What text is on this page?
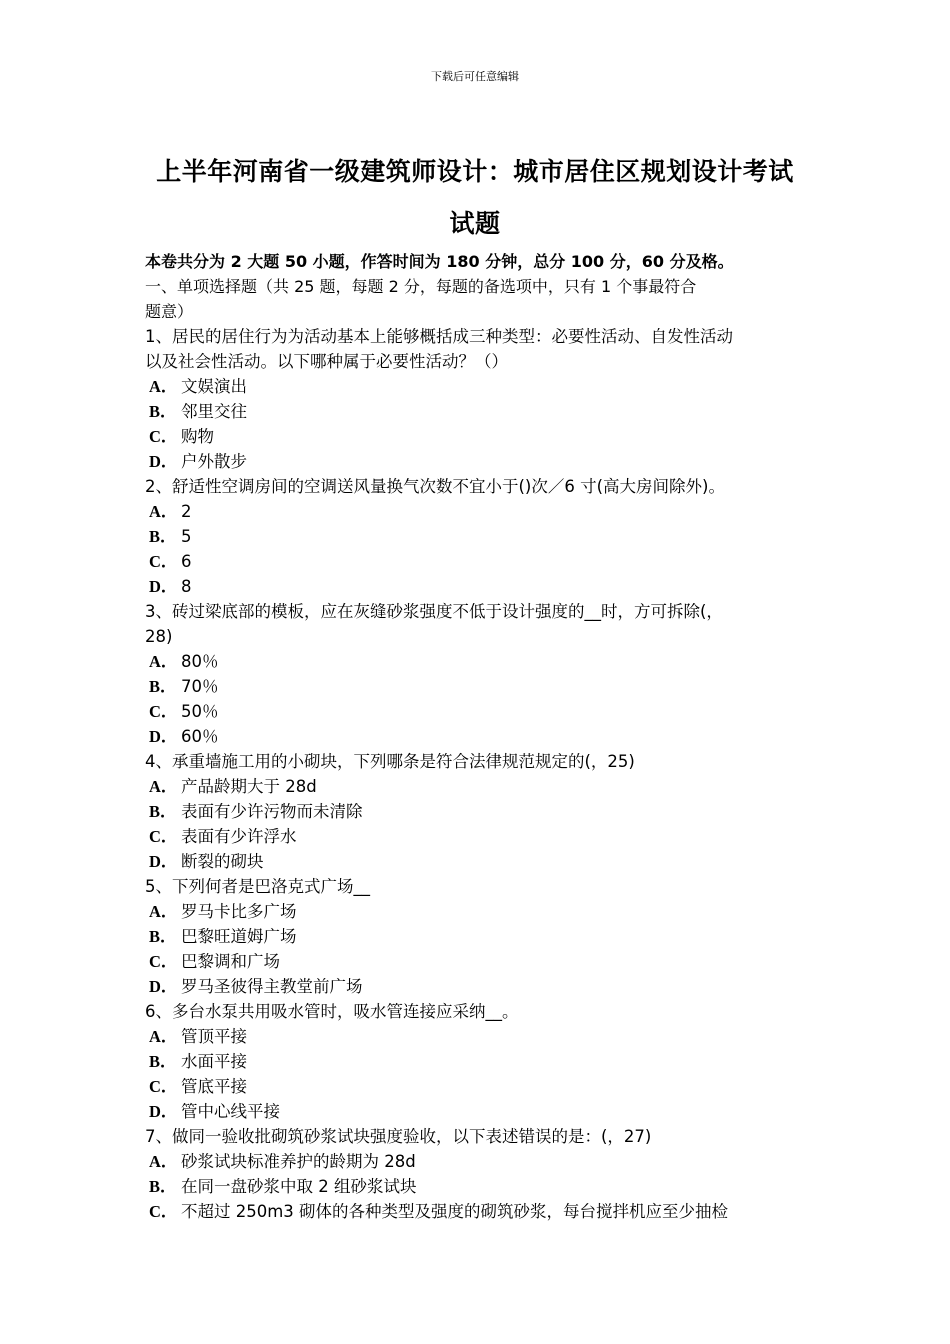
下载后可任意编辑
上半年河南省一级建筑师设计：城市居住区规划设计考试
试题
本卷共分为 2 大题 50 小题，作答时间为 180 分钟，总分 100 分，60 分及格。
一、单项选择题（共 25 题，每题 2 分，每题的备选项中，只有 1 个事最符合
题意）
1、居民的居住行为为活动基本上能够概括成三种类型：必要性活动、自发性活动
以及社会性活动。以下哪种属于必要性活动？（）
A． 文娱演出
B． 邻里交往
C． 购物
D． 户外散步
2、舒适性空调房间的空调送风量换气次数不宜小于()次／6 寸(高大房间除外)。
A． 2
B． 5
C． 6
D． 8
3、砖过梁底部的模板，应在灰缝砂浆强度不低于设计强度的__时，方可拆除(，
28)
A． 80％
B． 70％
C． 50％
D． 60％
4、承重墙施工用的小砌块，下列哪条是符合法律规范规定的(，25)
A． 产品龄期大于 28d
B． 表面有少许污物而未清除
C． 表面有少许浮水
D． 断裂的砌块
5、下列何者是巴洛克式广场__
A． 罗马卡比多广场
B． 巴黎旺道姆广场
C． 巴黎调和广场
D． 罗马圣彼得主教堂前广场
6、多台水泵共用吸水管时，吸水管连接应采纳__。
A． 管顶平接
B． 水面平接
C． 管底平接
D． 管中心线平接
7、做同一验收批砌筑砂浆试块强度验收，以下表述错误的是：(，27)
A． 砂浆试块标准养护的龄期为 28d
B． 在同一盘砂浆中取 2 组砂浆试块
C． 不超过 250m3 砌体的各种类型及强度的砌筑砂浆，每台搅拌机应至少抽检
